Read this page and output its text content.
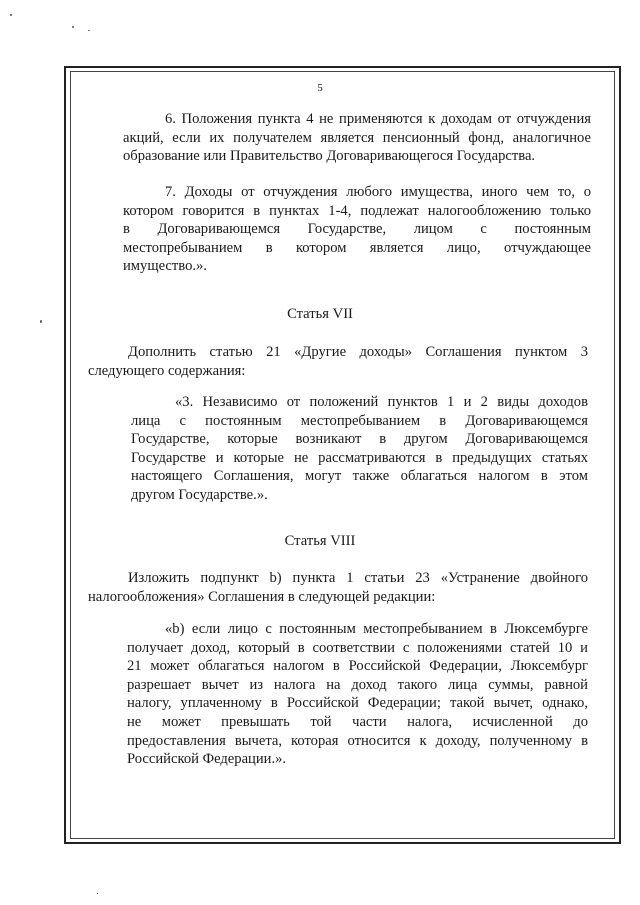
5

6. Положения пункта 4 не применяются к доходам от отчуждения
акций, если их получателем является пенсионный фонд, аналогичное
образование или Правительство Договаривающегося Государства.

7. Доходы от отчуждения любого имущества, иного чем то, о
котором говорится в пунктах 1-4, подлежат налогообложению только
в Договаривающемся Государстве, лицом с постоянным
местопребыванием в котором является лицо, отчуждающее
имущество.».

Статья VII

Дополнить статью 21 «Другие доходы» Соглашения пунктом 3
следующего содержания:

«3. Независимо от положений пунктов 1 и 2 виды доходов
лица с постоянным местопребыванием в Договаривающемся
Государстве, которые возникают в другом Договаривающемся
Государстве и которые не рассматриваются в предыдущих статьях
настоящего Соглашения, могут также облагаться налогом в этом
другом Государстве.».

Статья VIII

Изложить подпункт b) пункта 1 статьи 23 «Устранение двойного
налогообложения» Соглашения в следующей редакции:

«b) если лицо с постоянным местопребыванием в Люксембурге
получает доход, который в соответствии с положениями статей 10 и
21 может облагаться налогом в Российской Федерации, Люксембург
разрешает вычет из налога на доход такого лица суммы, равной
налогу, уплаченному в Российской Федерации; такой вычет, однако,
не может превышать той части налога, исчисленной до
предоставления вычета, которая относится к доходу, полученному в
Российской Федерации.».
